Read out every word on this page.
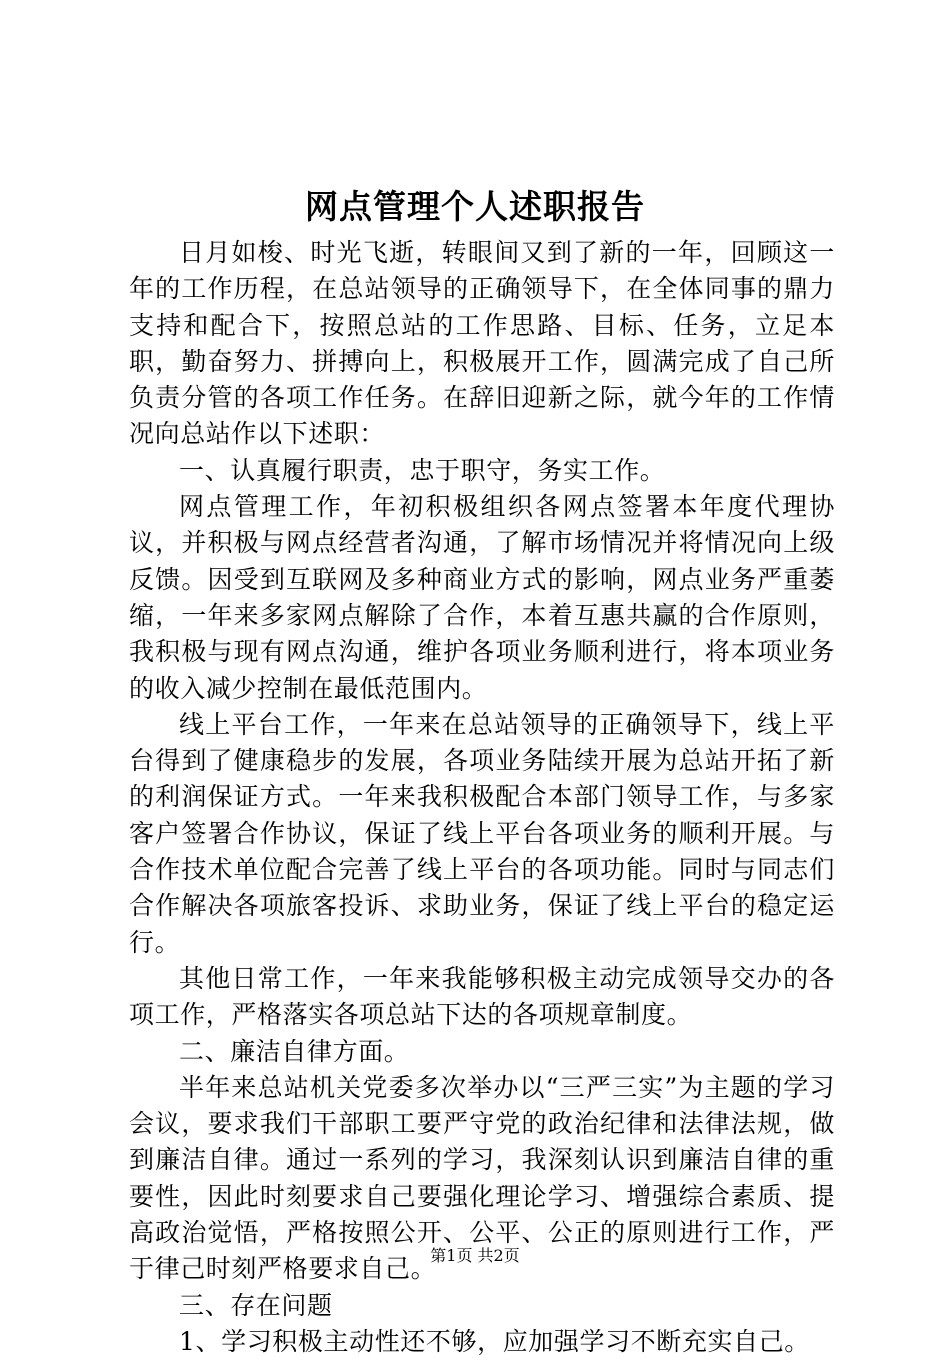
网点管理个人述职报告

日月如梭、时光飞逝，转眼间又到了新的一年，回顾这一年的工作历程，在总站领导的正确领导下，在全体同事的鼎力支持和配合下，按照总站的工作思路、目标、任务，立足本职，勤奋努力、拼搏向上，积极展开工作，圆满完成了自己所负责分管的各项工作任务。在辞旧迎新之际，就今年的工作情况向总站作以下述职：

一、认真履行职责，忠于职守，务实工作。

网点管理工作，年初积极组织各网点签署本年度代理协议，并积极与网点经营者沟通，了解市场情况并将情况向上级反馈。因受到互联网及多种商业方式的影响，网点业务严重萎缩，一年来多家网点解除了合作，本着互惠共赢的合作原则，我积极与现有网点沟通，维护各项业务顺利进行，将本项业务的收入减少控制在最低范围内。

线上平台工作，一年来在总站领导的正确领导下，线上平台得到了健康稳步的发展，各项业务陆续开展为总站开拓了新的利润保证方式。一年来我积极配合本部门领导工作，与多家客户签署合作协议，保证了线上平台各项业务的顺利开展。与合作技术单位配合完善了线上平台的各项功能。同时与同志们合作解决各项旅客投诉、求助业务，保证了线上平台的稳定运行。

其他日常工作，一年来我能够积极主动完成领导交办的各项工作，严格落实各项总站下达的各项规章制度。

二、廉洁自律方面。

半年来总站机关党委多次举办以“三严三实”为主题的学习会议，要求我们干部职工要严守党的政治纪律和法律法规，做到廉洁自律。通过一系列的学习，我深刻认识到廉洁自律的重要性，因此时刻要求自己要强化理论学习、增强综合素质、提高政治觉悟，严格按照公开、公平、公正的原则进行工作，严于律己时刻严格要求自己。

三、存在问题

1、学习积极主动性还不够，应加强学习不断充实自己。

第1页 共2页
